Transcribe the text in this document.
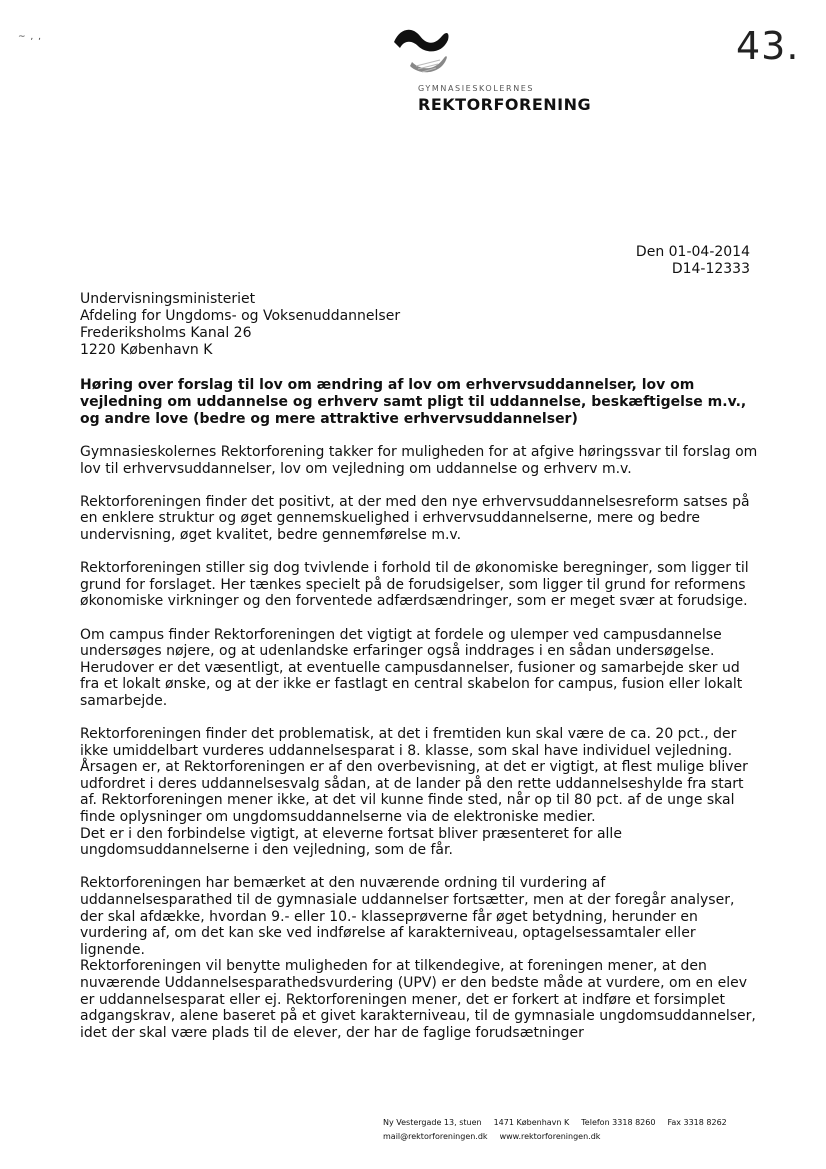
~ , ,	43.
GYMNASIESKOLERNES
REKTORFORENING
Den 01-04-2014
D14-12333
Undervisningsministeriet
Afdeling for Ungdoms- og Voksenuddannelser
Frederiksholms Kanal 26
1220 København K
Høring over forslag til lov om ændring af lov om erhvervsuddannelser, lov om vejledning om uddannelse og erhverv samt pligt til uddannelse, beskæftigelse m.v., og andre love (bedre og mere attraktive erhvervsuddannelser)

Gymnasieskolernes Rektorforening takker for muligheden for at afgive høringssvar til forslag om lov til erhvervsuddannelser, lov om vejledning om uddannelse og erhverv m.v.

Rektorforeningen finder det positivt, at der med den nye erhvervsuddannelsesreform satses på en enklere struktur og øget gennemskuelighed i erhvervsuddannelserne, mere og bedre undervisning, øget kvalitet, bedre gennemførelse m.v.

Rektorforeningen stiller sig dog tvivlende i forhold til de økonomiske beregninger, som ligger til grund for forslaget. Her tænkes specielt på de forudsigelser, som ligger til grund for reformens økonomiske virkninger og den forventede adfærdsændringer, som er meget svær at forudsige.

Om campus finder Rektorforeningen det vigtigt at fordele og ulemper ved campusdannelse undersøges nøjere, og at udenlandske erfaringer også inddrages i en sådan undersøgelse. Herudover er det væsentligt, at eventuelle campusdannelser, fusioner og samarbejde sker ud fra et lokalt ønske, og at der ikke er fastlagt en central skabelon for campus, fusion eller lokalt samarbejde.

Rektorforeningen finder det problematisk, at det i fremtiden kun skal være de ca. 20 pct., der ikke umiddelbart vurderes uddannelsesparat i 8. klasse, som skal have individuel vejledning. Årsagen er, at Rektorforeningen er af den overbevisning, at det er vigtigt, at flest mulige bliver udfordret i deres uddannelsesvalg sådan, at de lander på den rette uddannelseshylde fra start af. Rektorforeningen mener ikke, at det vil kunne finde sted, når op til 80 pct. af de unge skal finde oplysninger om ungdomsuddannelserne via de elektroniske medier.

Det er i den forbindelse vigtigt, at eleverne fortsat bliver præsenteret for alle ungdomsuddannelserne i den vejledning, som de får.

Rektorforeningen har bemærket at den nuværende ordning til vurdering af uddannelsesparathed til de gymnasiale uddannelser fortsætter, men at der foregår analyser, der skal afdække, hvordan 9.- eller 10.- klasseprøverne får øget betydning, herunder en vurdering af, om det kan ske ved indførelse af karakterniveau, optagelsessamtaler eller lignende.

Rektorforeningen vil benytte muligheden for at tilkendegive, at foreningen mener, at den nuværende Uddannelsesparathedsvurdering (UPV) er den bedste måde at vurdere, om en elev er uddannelsesparat eller ej. Rektorforeningen mener, det er forkert at indføre et forsimplet adgangskrav, alene baseret på et givet karakterniveau, til de gymnasiale ungdomsuddannelser, idet der skal være plads til de elever, der har de faglige forudsætninger

Ny Vestergade 13, stuen 1471 København K Telefon 3318 8260 Fax 3318 8262
mail@rektorforeningen.dk www.rektorforeningen.dk
